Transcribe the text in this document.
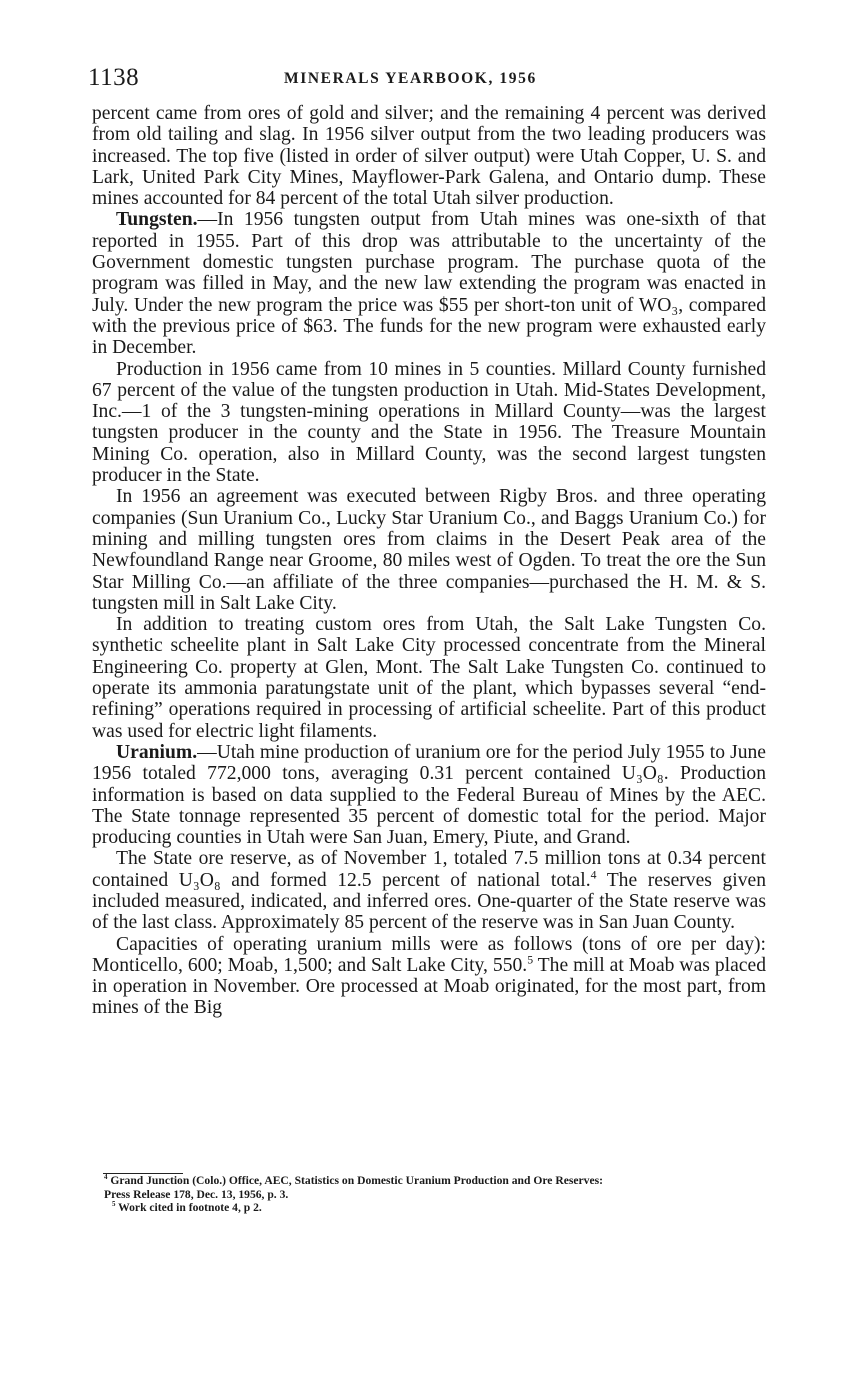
1138	MINERALS YEARBOOK, 1956

percent came from ores of gold and silver; and the remaining 4 percent was derived from old tailing and slag. In 1956 silver output from the two leading producers was increased. The top five (listed in order of silver output) were Utah Copper, U. S. and Lark, United Park City Mines, Mayflower-Park Galena, and Ontario dump. These mines accounted for 84 percent of the total Utah silver production.

Tungsten.—In 1956 tungsten output from Utah mines was one-sixth of that reported in 1955. Part of this drop was attributable to the uncertainty of the Government domestic tungsten purchase program. The purchase quota of the program was filled in May, and the new law extending the program was enacted in July. Under the new program the price was $55 per short-ton unit of WO₃, compared with the previous price of $63. The funds for the new program were exhausted early in December.

Production in 1956 came from 10 mines in 5 counties. Millard County furnished 67 percent of the value of the tungsten production in Utah. Mid-States Development, Inc.—1 of the 3 tungsten-mining operations in Millard County—was the largest tungsten producer in the county and the State in 1956. The Treasure Mountain Mining Co. operation, also in Millard County, was the second largest tungsten producer in the State.

In 1956 an agreement was executed between Rigby Bros. and three operating companies (Sun Uranium Co., Lucky Star Uranium Co., and Baggs Uranium Co.) for mining and milling tungsten ores from claims in the Desert Peak area of the Newfoundland Range near Groome, 80 miles west of Ogden. To treat the ore the Sun Star Milling Co.—an affiliate of the three companies—purchased the H. M. & S. tungsten mill in Salt Lake City.

In addition to treating custom ores from Utah, the Salt Lake Tungsten Co. synthetic scheelite plant in Salt Lake City processed concentrate from the Mineral Engineering Co. property at Glen, Mont. The Salt Lake Tungsten Co. continued to operate its ammonia paratungstate unit of the plant, which bypasses several “end-refining” operations required in processing of artificial scheelite. Part of this product was used for electric light filaments.

Uranium.—Utah mine production of uranium ore for the period July 1955 to June 1956 totaled 772,000 tons, averaging 0.31 percent contained U₃O₈. Production information is based on data supplied to the Federal Bureau of Mines by the AEC. The State tonnage represented 35 percent of domestic total for the period. Major producing counties in Utah were San Juan, Emery, Piute, and Grand.

The State ore reserve, as of November 1, totaled 7.5 million tons at 0.34 percent contained U₃O₈ and formed 12.5 percent of national total.$^4$ The reserves given included measured, indicated, and inferred ores. One-quarter of the State reserve was of the last class. Approximately 85 percent of the reserve was in San Juan County.

Capacities of operating uranium mills were as follows (tons of ore per day): Monticello, 600; Moab, 1,500; and Salt Lake City, 550.$^5$ The mill at Moab was placed in operation in November. Ore processed at Moab originated, for the most part, from mines of the Big

$^4$ Grand Junction (Colo.) Office, AEC, Statistics on Domestic Uranium Production and Ore Reserves:

Press Release 178, Dec. 13, 1956, p. 3.

$^5$ Work cited in footnote 4, p 2.
